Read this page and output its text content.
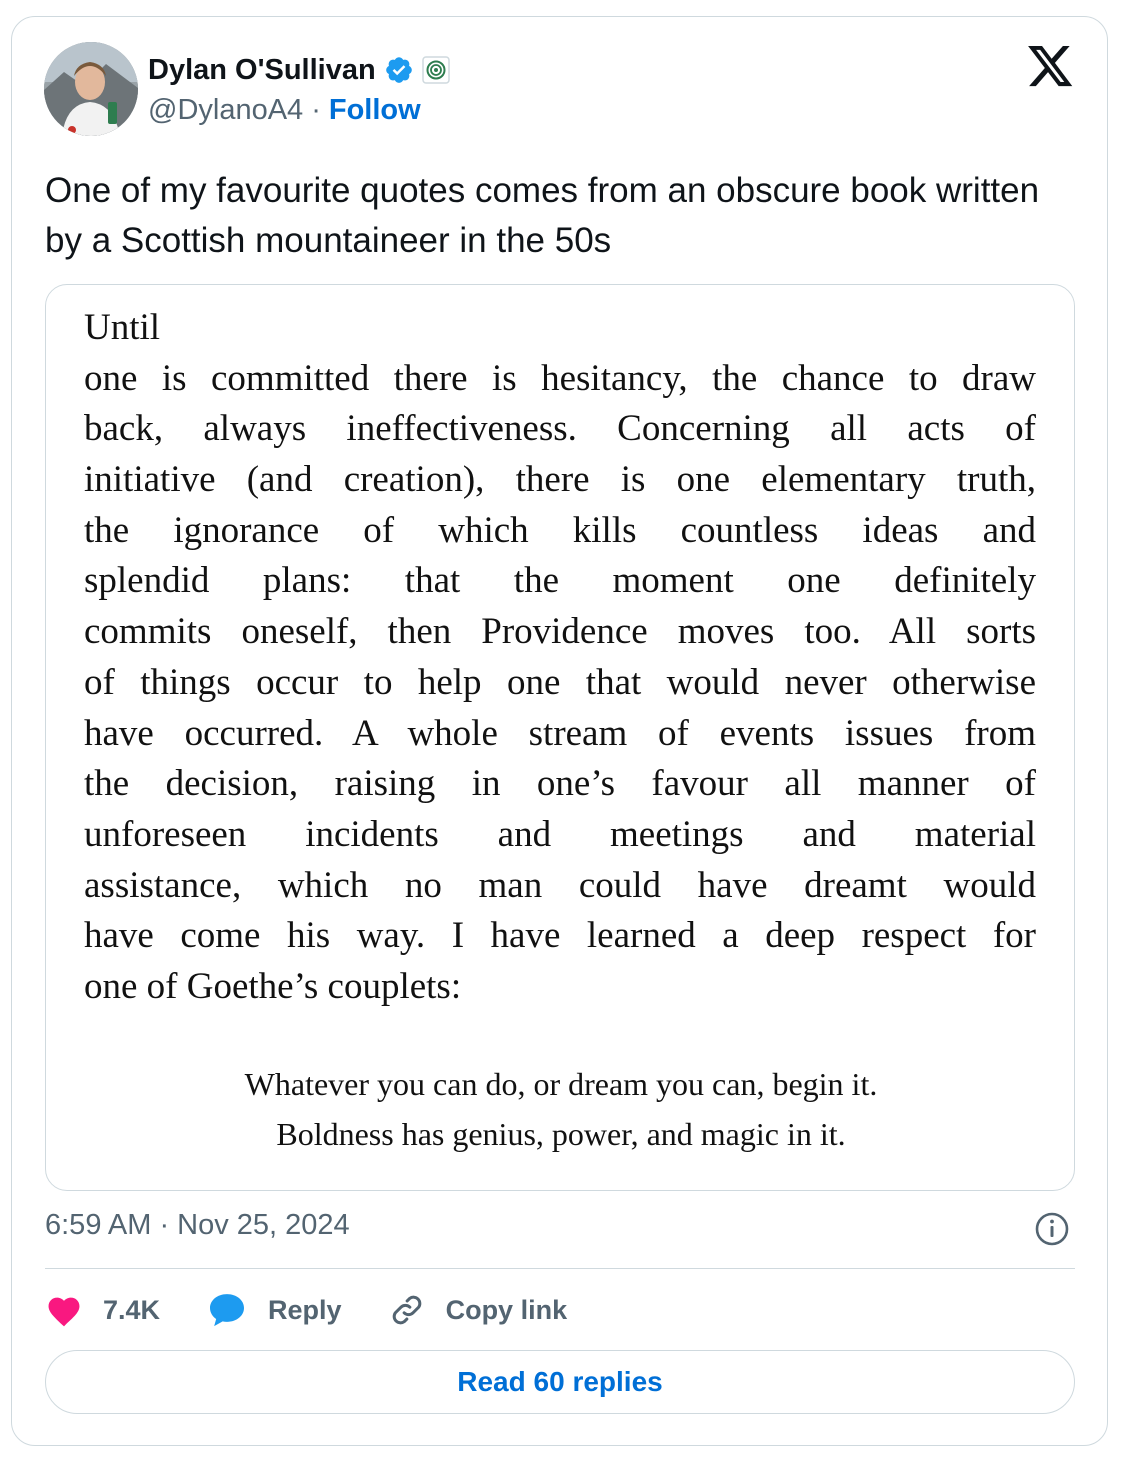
Dylan O'Sullivan
@DylanoA4 · Follow
One of my favourite quotes comes from an obscure book written by a Scottish mountaineer in the 50s
Until
one is committed there is hesitancy, the chance to draw
back, always ineffectiveness. Concerning all acts of
initiative (and creation), there is one elementary truth,
the ignorance of which kills countless ideas and
splendid plans: that the moment one definitely
commits oneself, then Providence moves too. All sorts
of things occur to help one that would never otherwise
have occurred. A whole stream of events issues from
the decision, raising in one’s favour all manner of
unforeseen incidents and meetings and material
assistance, which no man could have dreamt would
have come his way. I have learned a deep respect for
one of Goethe’s couplets:
Whatever you can do, or dream you can, begin it.
Boldness has genius, power, and magic in it.
6:59 AM · Nov 25, 2024
7.4K	Reply	Copy link
Read 60 replies
